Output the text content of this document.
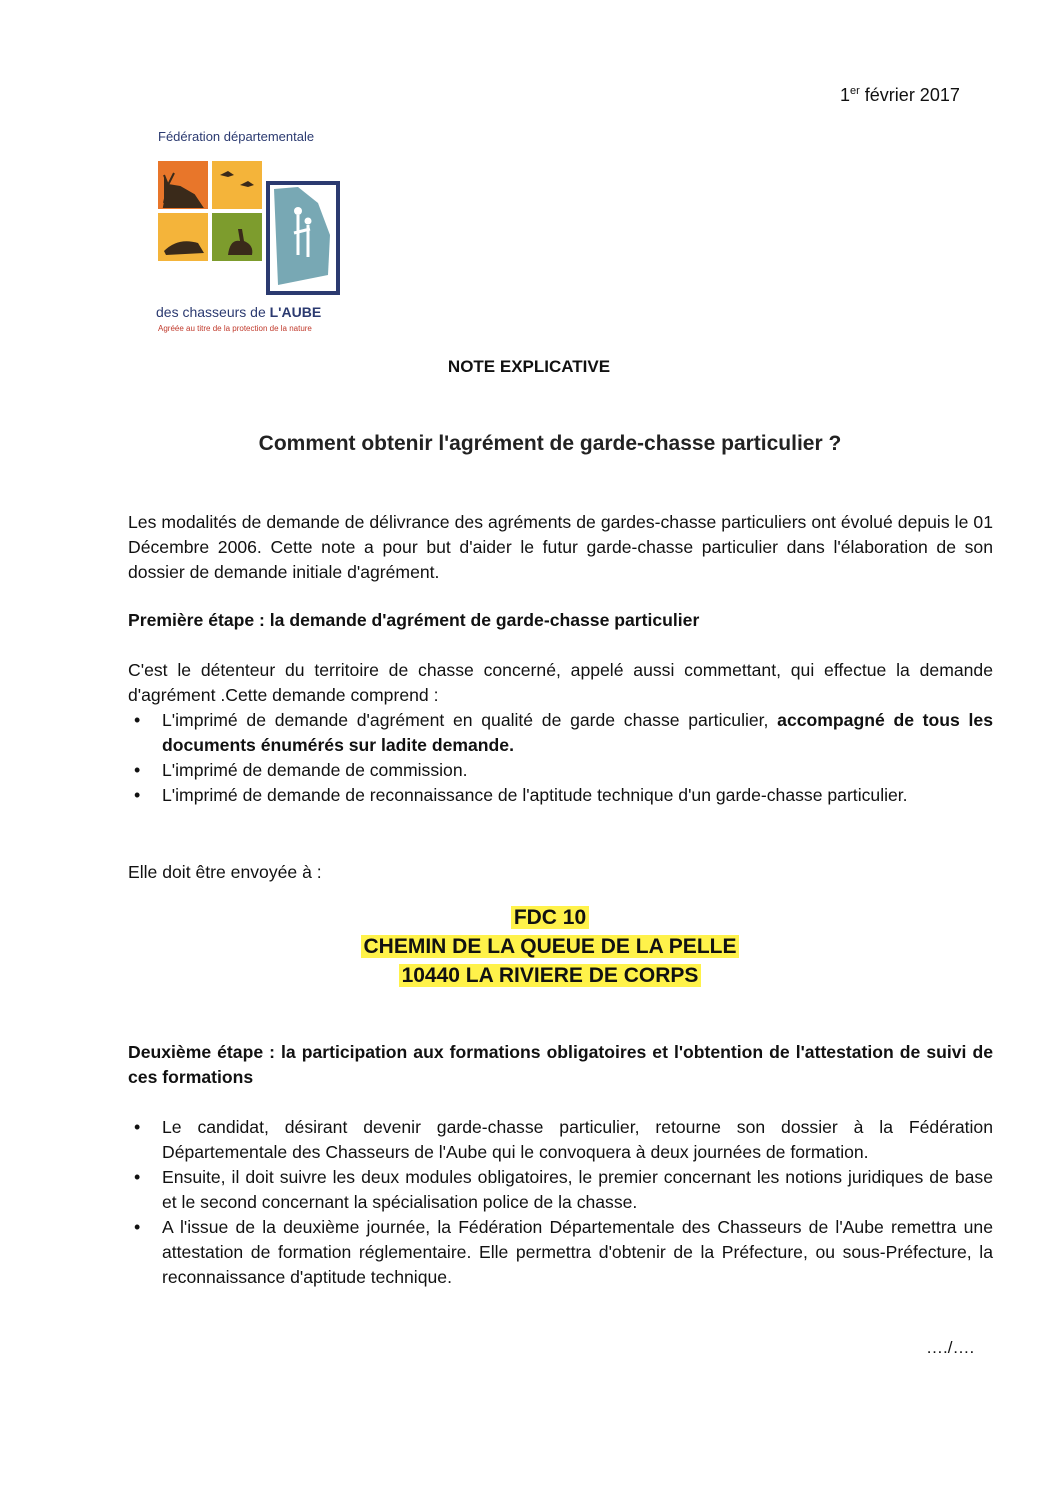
1er février 2017
Fédération départementale
des chasseurs de L'AUBE
Agréée au titre de la protection de la nature
NOTE EXPLICATIVE
Comment obtenir l'agrément de garde-chasse particulier ?
Les modalités de demande de délivrance des agréments de gardes-chasse particuliers ont évolué depuis le 01 Décembre 2006. Cette note a pour but d'aider le futur garde-chasse particulier dans l'élaboration de son dossier de demande initiale d'agrément.
Première étape : la demande d'agrément de garde-chasse particulier
C'est le détenteur du territoire de chasse concerné, appelé aussi commettant, qui effectue la demande d'agrément .Cette demande comprend :
• L'imprimé de demande d'agrément en qualité de garde chasse particulier, accompagné de tous les documents énumérés sur ladite demande.
• L'imprimé de demande de commission.
• L'imprimé de demande de reconnaissance de l'aptitude technique d'un garde-chasse particulier.
Elle doit être envoyée à :
FDC 10
CHEMIN DE LA QUEUE DE LA PELLE
10440 LA RIVIERE DE CORPS
Deuxième étape : la participation aux formations obligatoires et l'obtention de l'attestation de suivi de ces formations
• Le candidat, désirant devenir garde-chasse particulier, retourne son dossier à la Fédération Départementale des Chasseurs de l'Aube qui le convoquera à deux journées de formation.
• Ensuite, il doit suivre les deux modules obligatoires, le premier concernant les notions juridiques de base et le second concernant la spécialisation police de la chasse.
• A l'issue de la deuxième journée, la Fédération Départementale des Chasseurs de l'Aube remettra une attestation de formation réglementaire. Elle permettra d'obtenir de la Préfecture, ou sous-Préfecture, la reconnaissance d'aptitude technique.
…./….
